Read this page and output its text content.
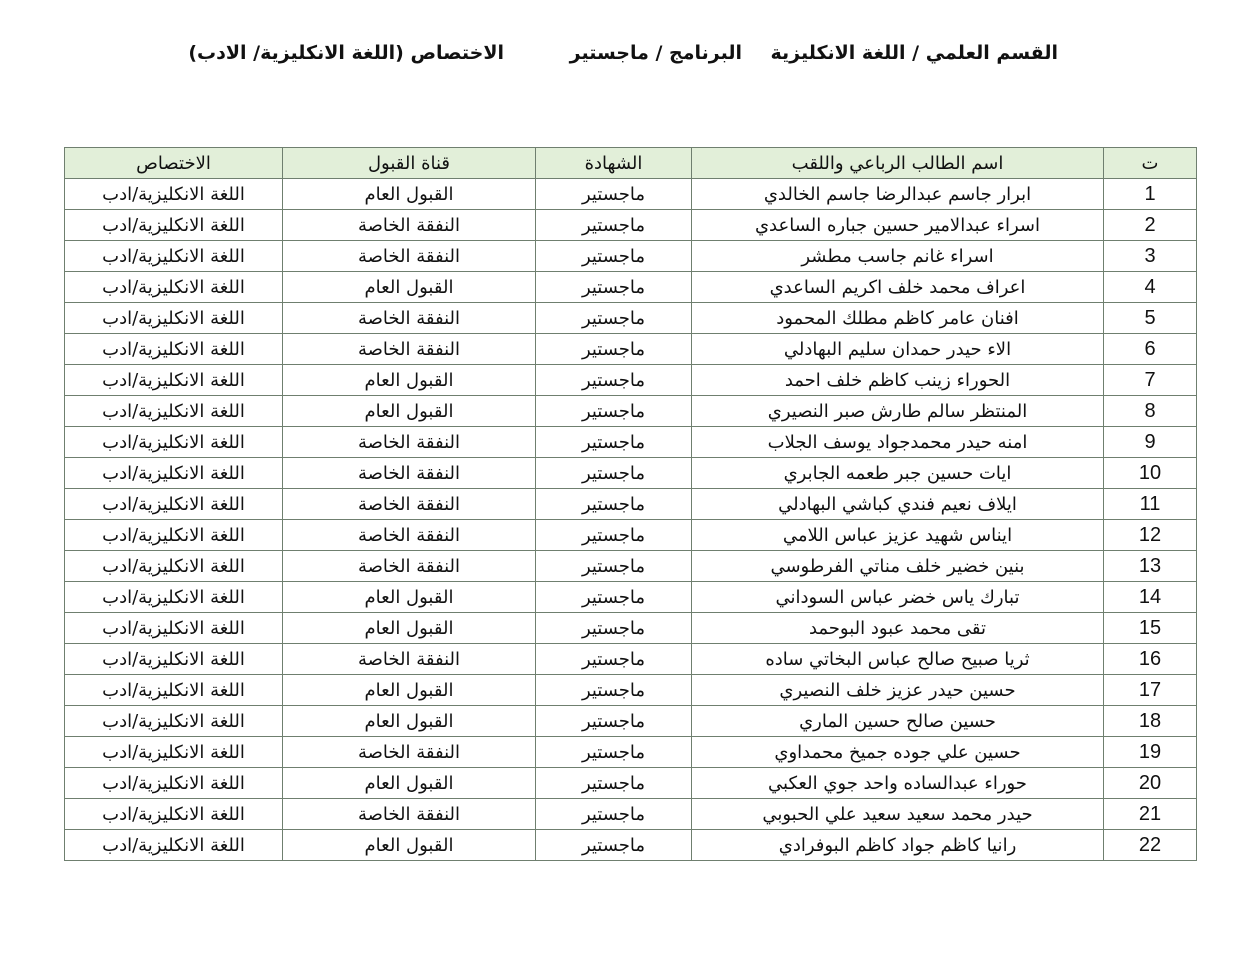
القسم العلمي / اللغة الانكليزية
البرنامج / ماجستير
الاختصاص (اللغة الانكليزية/ الادب)
ت	اسم الطالب الرباعي واللقب	الشهادة	قناة القبول	الاختصاص
1	ابرار جاسم عبدالرضا جاسم الخالدي	ماجستير	القبول العام	اللغة الانكليزية/ادب
2	اسراء عبدالامير حسين جباره الساعدي	ماجستير	النفقة الخاصة	اللغة الانكليزية/ادب
3	اسراء غانم جاسب مطشر	ماجستير	النفقة الخاصة	اللغة الانكليزية/ادب
4	اعراف محمد خلف اكريم الساعدي	ماجستير	القبول العام	اللغة الانكليزية/ادب
5	افنان عامر كاظم مطلك المحمود	ماجستير	النفقة الخاصة	اللغة الانكليزية/ادب
6	الاء حيدر حمدان سليم البهادلي	ماجستير	النفقة الخاصة	اللغة الانكليزية/ادب
7	الحوراء زينب كاظم خلف احمد	ماجستير	القبول العام	اللغة الانكليزية/ادب
8	المنتظر سالم طارش صبر النصيري	ماجستير	القبول العام	اللغة الانكليزية/ادب
9	امنه حيدر محمدجواد يوسف الجلاب	ماجستير	النفقة الخاصة	اللغة الانكليزية/ادب
10	ايات حسين جبر طعمه الجابري	ماجستير	النفقة الخاصة	اللغة الانكليزية/ادب
11	ايلاف نعيم فندي كباشي البهادلي	ماجستير	النفقة الخاصة	اللغة الانكليزية/ادب
12	ايناس شهيد عزيز عباس اللامي	ماجستير	النفقة الخاصة	اللغة الانكليزية/ادب
13	بنين خضير خلف مناتي الفرطوسي	ماجستير	النفقة الخاصة	اللغة الانكليزية/ادب
14	تبارك ياس خضر عباس السوداني	ماجستير	القبول العام	اللغة الانكليزية/ادب
15	تقى محمد عبود البوحمد	ماجستير	القبول العام	اللغة الانكليزية/ادب
16	ثريا صبيح صالح عباس البخاتي ساده	ماجستير	النفقة الخاصة	اللغة الانكليزية/ادب
17	حسين حيدر عزيز خلف النصيري	ماجستير	القبول العام	اللغة الانكليزية/ادب
18	حسين صالح حسين الماري	ماجستير	القبول العام	اللغة الانكليزية/ادب
19	حسين علي جوده جميخ محمداوي	ماجستير	النفقة الخاصة	اللغة الانكليزية/ادب
20	حوراء عبدالساده واحد جوي العكبي	ماجستير	القبول العام	اللغة الانكليزية/ادب
21	حيدر محمد سعيد سعيد علي الحبوبي	ماجستير	النفقة الخاصة	اللغة الانكليزية/ادب
22	رانيا كاظم جواد كاظم البوفرادي	ماجستير	القبول العام	اللغة الانكليزية/ادب
